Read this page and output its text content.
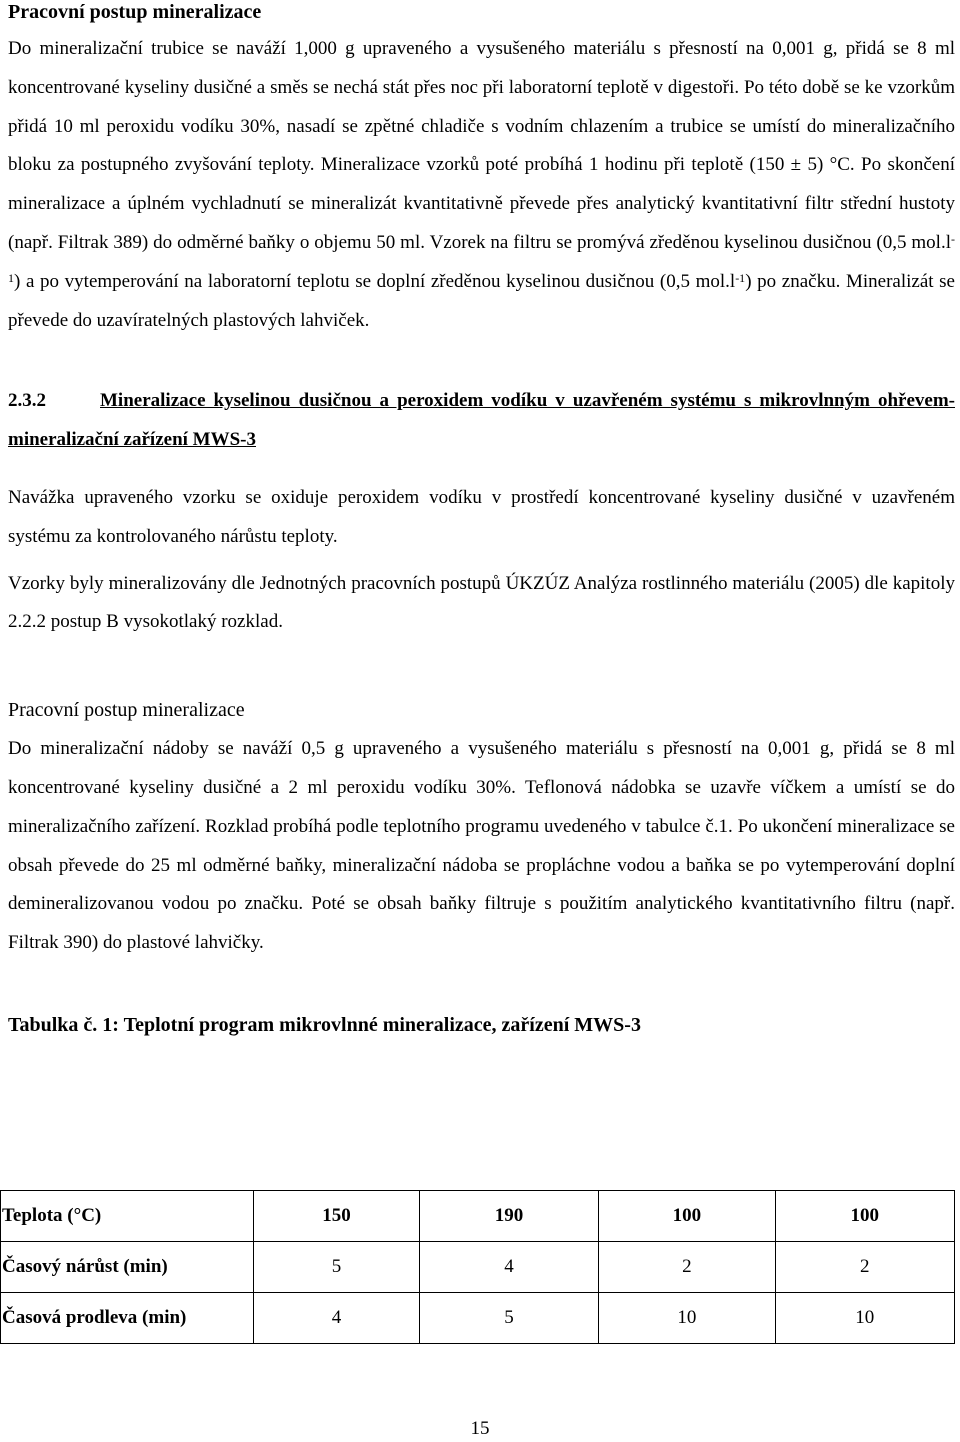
Pracovní postup mineralizace

Do mineralizační trubice se naváží 1,000 g upraveného a vysušeného materiálu s přesností na 0,001 g, přidá se 8 ml koncentrované kyseliny dusičné a směs se nechá stát přes noc při laboratorní teplotě v digestoři. Po této době se ke vzorkům přidá 10 ml peroxidu vodíku 30%, nasadí se zpětné chladiče s vodním chlazením a trubice se umístí do mineralizačního bloku za postupného zvyšování teploty. Mineralizace vzorků poté probíhá 1 hodinu při teplotě (150 ± 5) °C. Po skončení mineralizace a úplném vychladnutí se mineralizát kvantitativně převede přes analytický kvantitativní filtr střední hustoty (např. Filtrak 389) do odměrné baňky o objemu 50 ml. Vzorek na filtru se promývá zředěnou kyselinou dusičnou (0,5 $mol.l^{-1}$) a po vytemperování na laboratorní teplotu se doplní zředěnou kyselinou dusičnou (0,5 $mol.l^{-1}$) po značku. Mineralizát se převede do uzavíratelných plastových lahviček.

2.3.2	Mineralizace kyselinou dusičnou a peroxidem vodíku v uzavřeném systému s mikrovlnným ohřevem-mineralizační zařízení MWS-3

Navážka upraveného vzorku se oxiduje peroxidem vodíku v prostředí koncentrované kyseliny dusičné v uzavřeném systému za kontrolovaného nárůstu teploty.

Vzorky byly mineralizovány dle Jednotných pracovních postupů ÚKZÚZ Analýza rostlinného materiálu (2005) dle kapitoly 2.2.2 postup B vysokotlaký rozklad.

Pracovní postup mineralizace

Do mineralizační nádoby se naváží 0,5 g upraveného a vysušeného materiálu s přesností na 0,001 g, přidá se 8 ml koncentrované kyseliny dusičné a 2 ml peroxidu vodíku 30%. Teflonová nádobka se uzavře víčkem a umístí se do mineralizačního zařízení. Rozklad probíhá podle teplotního programu uvedeného v tabulce č.1. Po ukončení mineralizace se obsah převede do 25 ml odměrné baňky, mineralizační nádoba se propláchne vodou a baňka se po vytemperování doplní demineralizovanou vodou po značku. Poté se obsah baňky filtruje s použitím analytického kvantitativního filtru (např. Filtrak 390) do plastové lahvičky.

Tabulka č. 1: Teplotní program mikrovlnné mineralizace, zařízení MWS-3
Teplota (°C)	150	190	100	100
Časový nárůst (min)	5	4	2	2
Časová prodleva (min)	4	5	10	10
15
